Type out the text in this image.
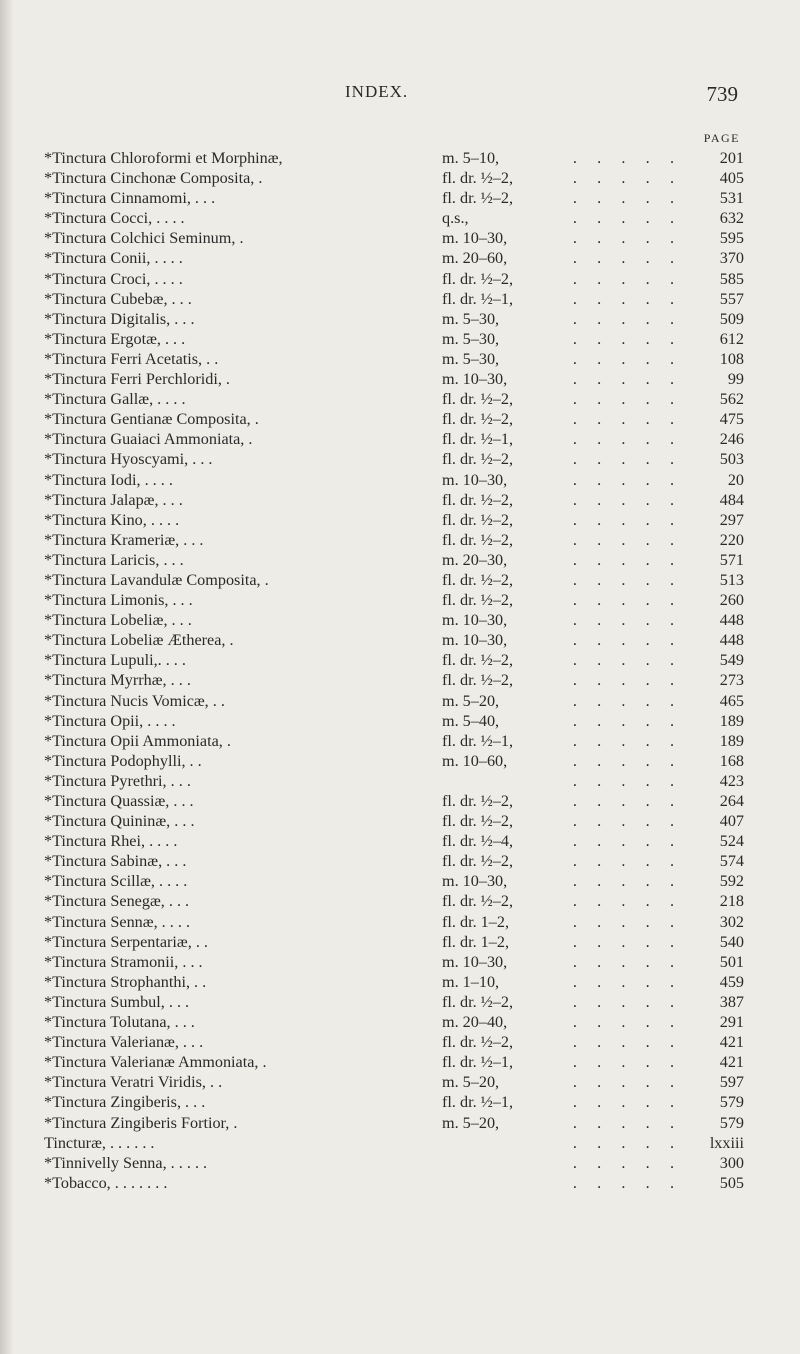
INDEX.	739
PAGE
*Tinctura Chloroformi et Morphinæ,	m. 5–10,	.     .     .     .     .	201
*Tinctura Cinchonæ Composita, .	fl. dr. ½–2,	.     .     .     .     .	405
*Tinctura Cinnamomi, . . .	fl. dr. ½–2,	.     .     .     .     .	531
*Tinctura Cocci, . . . .	q.s.,	.     .     .     .     .	632
*Tinctura Colchici Seminum, .	m. 10–30,	.     .     .     .     .	595
*Tinctura Conii, . . . .	m. 20–60,	.     .     .     .     .	370
*Tinctura Croci, . . . .	fl. dr. ½–2,	.     .     .     .     .	585
*Tinctura Cubebæ, . . .	fl. dr. ½–1,	.     .     .     .     .	557
*Tinctura Digitalis, . . .	m. 5–30,	.     .     .     .     .	509
*Tinctura Ergotæ, . . .	m. 5–30,	.     .     .     .     .	612
*Tinctura Ferri Acetatis, . .	m. 5–30,	.     .     .     .     .	108
*Tinctura Ferri Perchloridi, .	m. 10–30,	.     .     .     .     .	99
*Tinctura Gallæ, . . . .	fl. dr. ½–2,	.     .     .     .     .	562
*Tinctura Gentianæ Composita, .	fl. dr. ½–2,	.     .     .     .     .	475
*Tinctura Guaiaci Ammoniata, .	fl. dr. ½–1,	.     .     .     .     .	246
*Tinctura Hyoscyami, . . .	fl. dr. ½–2,	.     .     .     .     .	503
*Tinctura Iodi, . . . .	m. 10–30,	.     .     .     .     .	20
*Tinctura Jalapæ, . . .	fl. dr. ½–2,	.     .     .     .     .	484
*Tinctura Kino, . . . .	fl. dr. ½–2,	.     .     .     .     .	297
*Tinctura Krameriæ, . . .	fl. dr. ½–2,	.     .     .     .     .	220
*Tinctura Laricis, . . .	m. 20–30,	.     .     .     .     .	571
*Tinctura Lavandulæ Composita, .	fl. dr. ½–2,	.     .     .     .     .	513
*Tinctura Limonis, . . .	fl. dr. ½–2,	.     .     .     .     .	260
*Tinctura Lobeliæ, . . .	m. 10–30,	.     .     .     .     .	448
*Tinctura Lobeliæ Ætherea, .	m. 10–30,	.     .     .     .     .	448
*Tinctura Lupuli,. . . .	fl. dr. ½–2,	.     .     .     .     .	549
*Tinctura Myrrhæ, . . .	fl. dr. ½–2,	.     .     .     .     .	273
*Tinctura Nucis Vomicæ, . .	m. 5–20,	.     .     .     .     .	465
*Tinctura Opii, . . . .	m. 5–40,	.     .     .     .     .	189
*Tinctura Opii Ammoniata, .	fl. dr. ½–1,	.     .     .     .     .	189
*Tinctura Podophylli, . .	m. 10–60,	.     .     .     .     .	168
*Tinctura Pyrethri, . . .	.     .     .     .     .	423
*Tinctura Quassiæ, . . .	fl. dr. ½–2,	.     .     .     .     .	264
*Tinctura Quininæ, . . .	fl. dr. ½–2,	.     .     .     .     .	407
*Tinctura Rhei, . . . .	fl. dr. ½–4,	.     .     .     .     .	524
*Tinctura Sabinæ, . . .	fl. dr. ½–2,	.     .     .     .     .	574
*Tinctura Scillæ, . . . .	m. 10–30,	.     .     .     .     .	592
*Tinctura Senegæ, . . .	fl. dr. ½–2,	.     .     .     .     .	218
*Tinctura Sennæ, . . . .	fl. dr. 1–2,	.     .     .     .     .	302
*Tinctura Serpentariæ, . .	fl. dr. 1–2,	.     .     .     .     .	540
*Tinctura Stramonii, . . .	m. 10–30,	.     .     .     .     .	501
*Tinctura Strophanthi, . .	m. 1–10,	.     .     .     .     .	459
*Tinctura Sumbul, . . .	fl. dr. ½–2,	.     .     .     .     .	387
*Tinctura Tolutana, . . .	m. 20–40,	.     .     .     .     .	291
*Tinctura Valerianæ, . . .	fl. dr. ½–2,	.     .     .     .     .	421
*Tinctura Valerianæ Ammoniata, .	fl. dr. ½–1,	.     .     .     .     .	421
*Tinctura Veratri Viridis, . .	m. 5–20,	.     .     .     .     .	597
*Tinctura Zingiberis, . . .	fl. dr. ½–1,	.     .     .     .     .	579
*Tinctura Zingiberis Fortior, .	m. 5–20,	.     .     .     .     .	579
Tincturæ, . . . . . .	.     .     .     .     . lxxiii
*Tinnivelly Senna, . . . . .	.     .     .     .     .	300
*Tobacco, . . . . . . .	.     .     .     .     .	505
